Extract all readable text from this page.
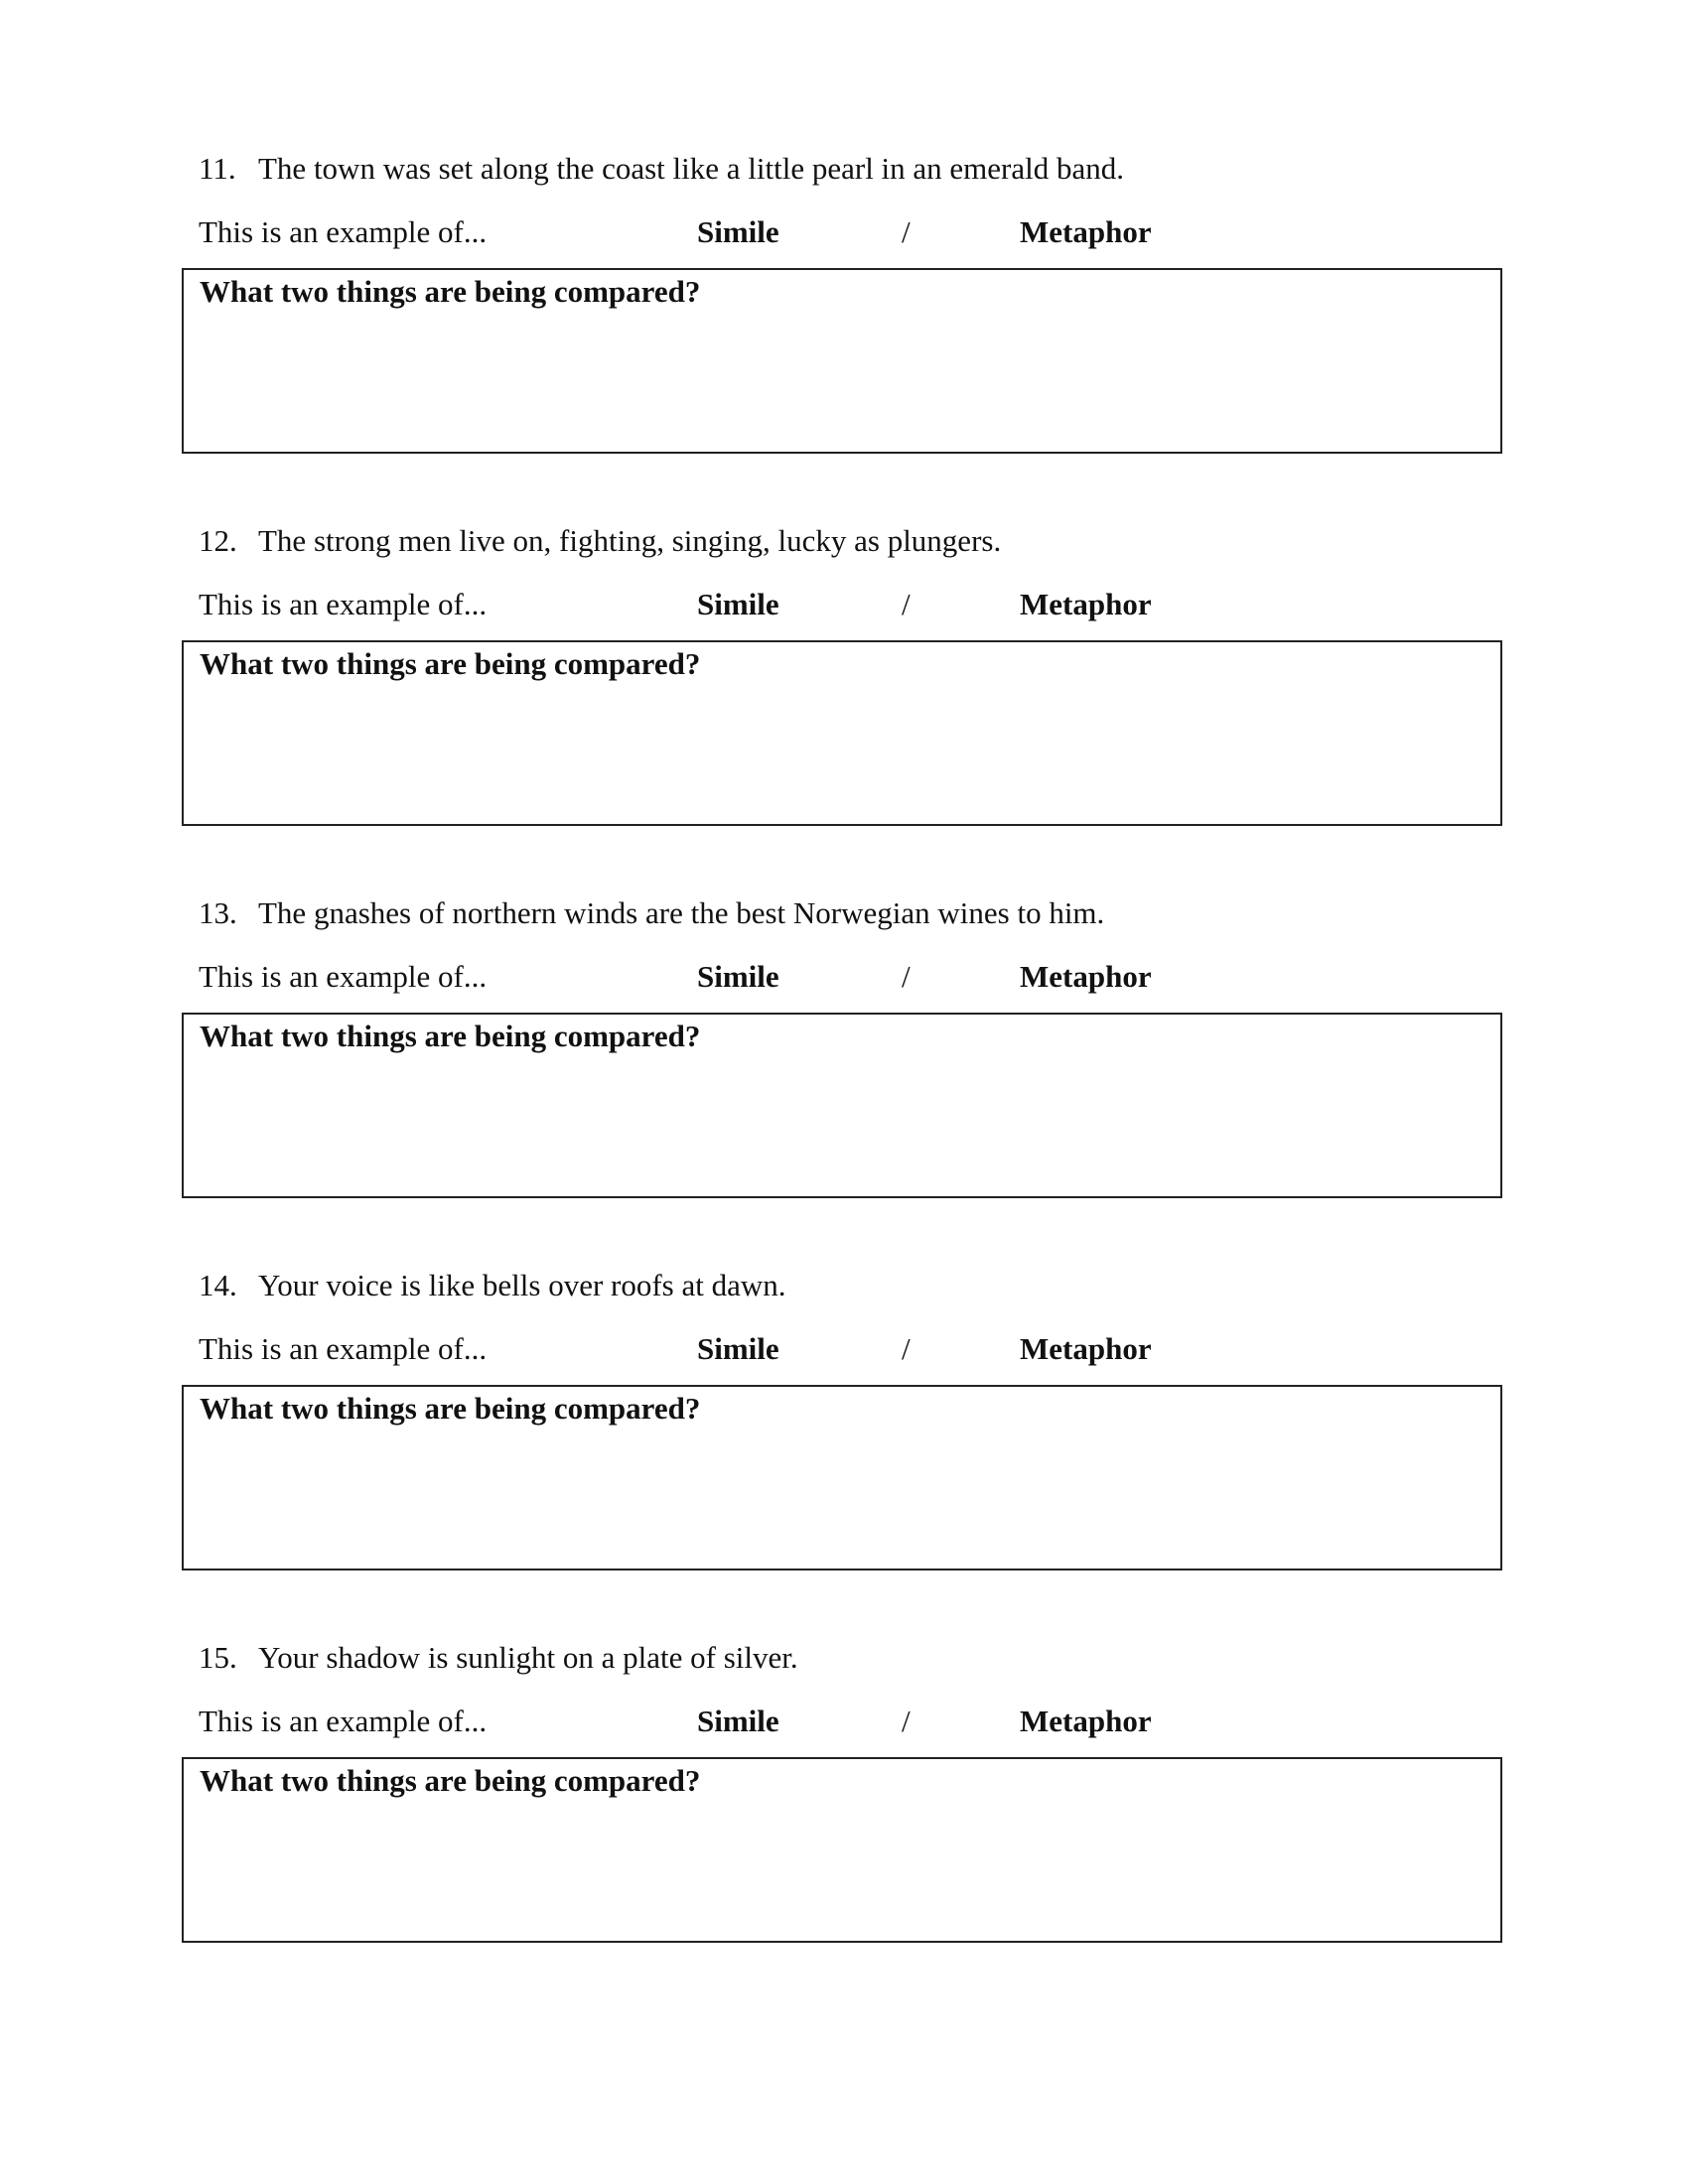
11. The town was set along the coast like a little pearl in an emerald band.
This is an example of...	Simile	/	Metaphor
What two things are being compared?
12. The strong men live on, fighting, singing, lucky as plungers.
This is an example of...	Simile	/	Metaphor
What two things are being compared?
13. The gnashes of northern winds are the best Norwegian wines to him.
This is an example of...	Simile	/	Metaphor
What two things are being compared?
14. Your voice is like bells over roofs at dawn.
This is an example of...	Simile	/	Metaphor
What two things are being compared?
15. Your shadow is sunlight on a plate of silver.
This is an example of...	Simile	/	Metaphor
What two things are being compared?
